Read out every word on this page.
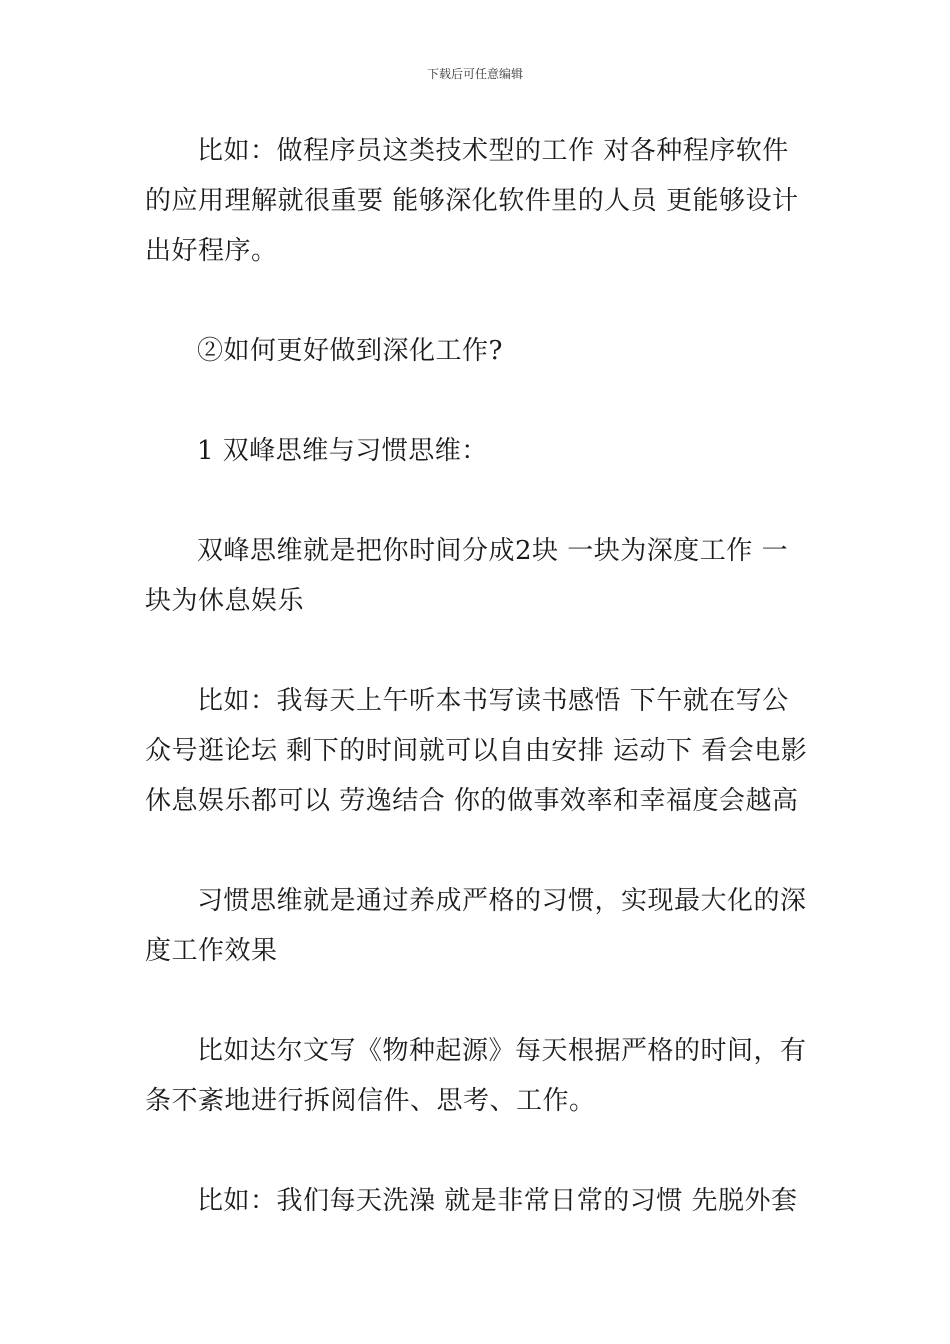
下载后可任意编辑

比如：做程序员这类技术型的工作 对各种程序软件的应用理解就很重要 能够深化软件里的人员 更能够设计出好程序。

②如何更好做到深化工作?

1 双峰思维与习惯思维：

双峰思维就是把你时间分成2块 一块为深度工作 一块为休息娱乐

比如：我每天上午听本书写读书感悟 下午就在写公众号逛论坛 剩下的时间就可以自由安排 运动下 看会电影 休息娱乐都可以 劳逸结合 你的做事效率和幸福度会越高

习惯思维就是通过养成严格的习惯，实现最大化的深度工作效果

比如达尔文写《物种起源》每天根据严格的时间，有条不紊地进行拆阅信件、思考、工作。

比如：我们每天洗澡 就是非常日常的习惯 先脱外套
